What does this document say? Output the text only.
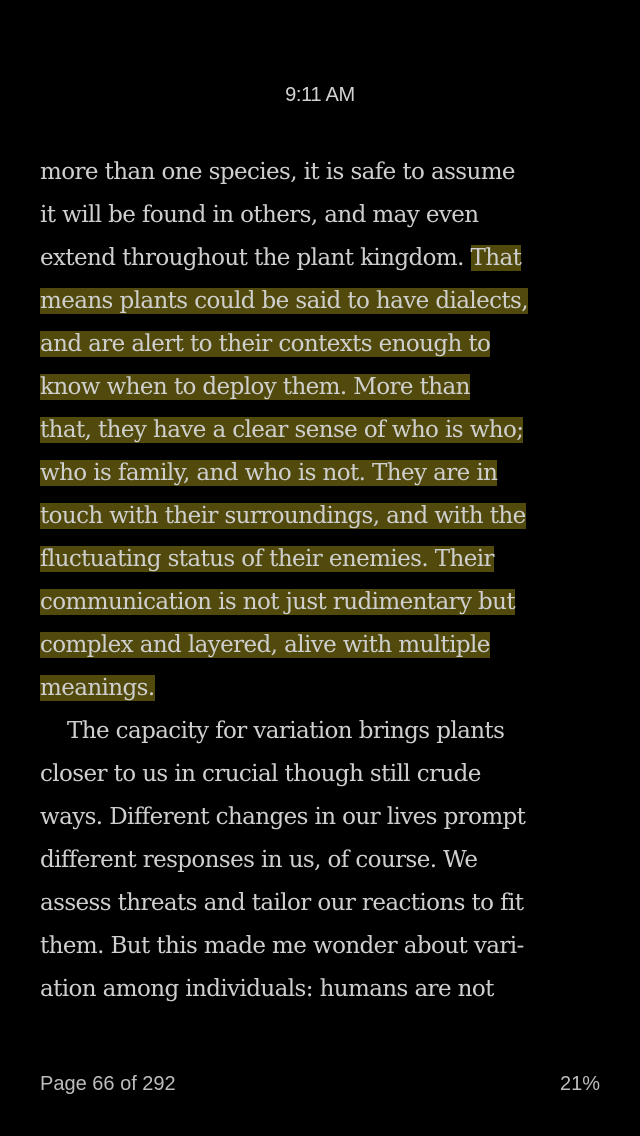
9:11 AM
more than one species, it is safe to assume
it will be found in others, and may even
extend throughout the plant kingdom. That
means plants could be said to have dialects,
and are alert to their contexts enough to
know when to deploy them. More than
that, they have a clear sense of who is who;
who is family, and who is not. They are in
touch with their surroundings, and with the
fluctuating status of their enemies. Their
communication is not just rudimentary but
complex and layered, alive with multiple
meanings.
The capacity for variation brings plants
closer to us in crucial though still crude
ways. Different changes in our lives prompt
different responses in us, of course. We
assess threats and tailor our reactions to fit
them. But this made me wonder about vari-
ation among individuals: humans are not
Page 66 of 292	21%
